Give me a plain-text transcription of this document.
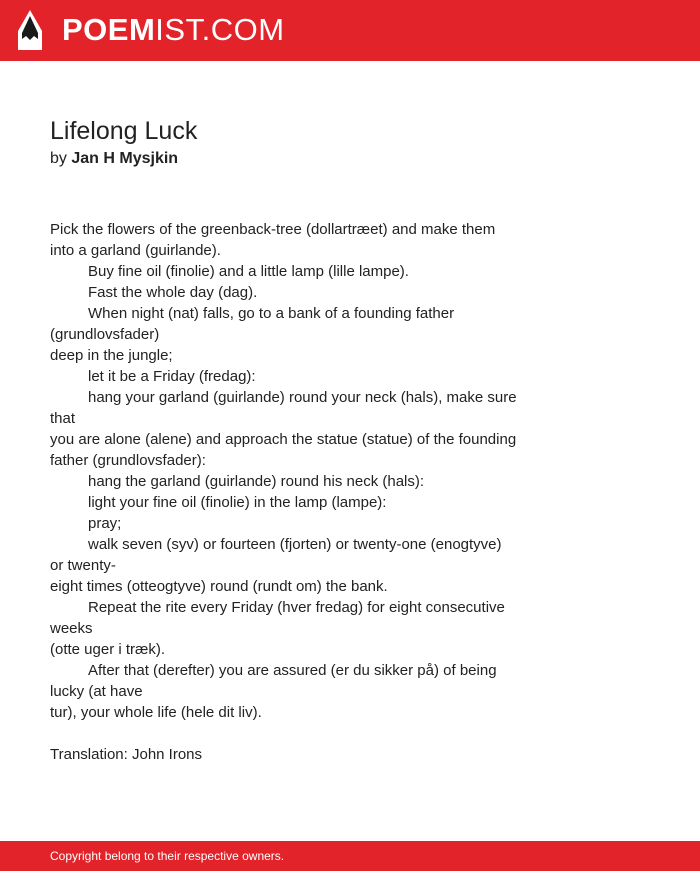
POEMIST.COM
Lifelong Luck
by Jan H Mysjkin
Pick the flowers of the greenback-tree (dollartræet) and make them
into a garland (guirlande).
Buy fine oil (finolie) and a little lamp (lille lampe).
Fast the whole day (dag).
When night (nat) falls, go to a bank of a founding father
(grundlovsfader)
deep in the jungle;
let it be a Friday (fredag):
hang your garland (guirlande) round your neck (hals), make sure
that
you are alone (alene) and approach the statue (statue) of the founding
father (grundlovsfader):
hang the garland (guirlande) round his neck (hals):
light your fine oil (finolie) in the lamp (lampe):
pray;
walk seven (syv) or fourteen (fjorten) or twenty-one (enogtyve)
or twenty-
eight times (otteogtyve) round (rundt om) the bank.
Repeat the rite every Friday (hver fredag) for eight consecutive
weeks
(otte uger i træk).
After that (derefter) you are assured (er du sikker på) of being
lucky (at have
tur), your whole life (hele dit liv).
Translation: John Irons
Copyright belong to their respective owners.
